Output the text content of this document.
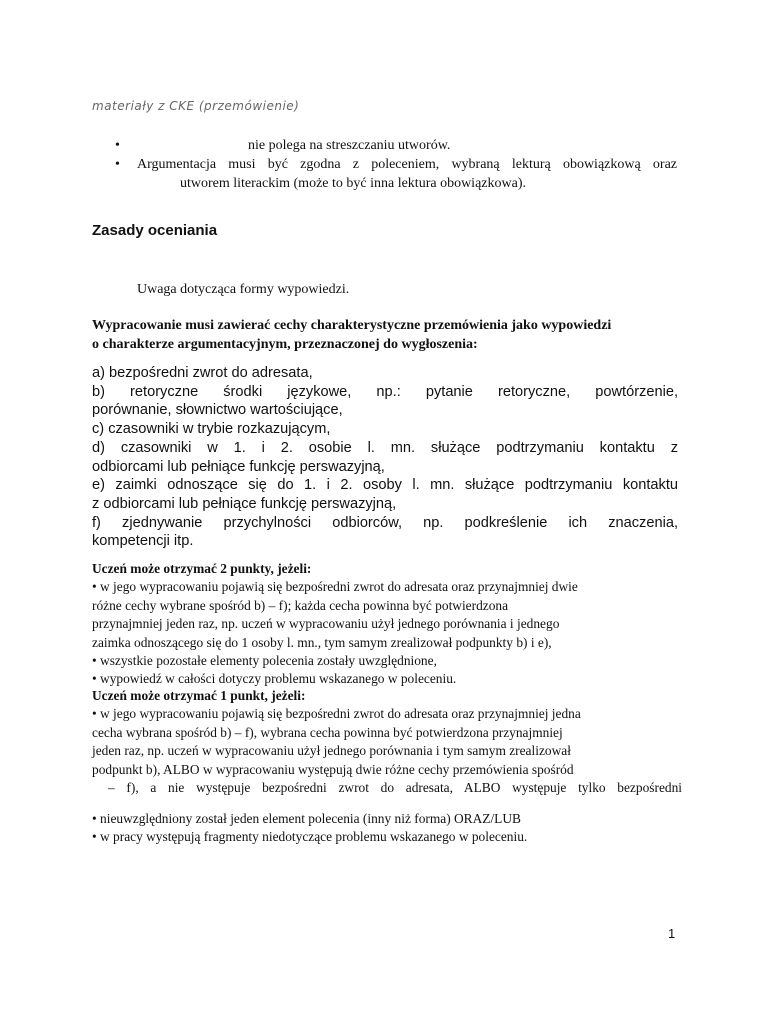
materiały z CKE (przemówienie)
•	nie polega na streszczaniu utworów.
• Argumentacja musi być zgodna z poleceniem, wybraną lekturą obowiązkową oraz
utworem literackim (może to być inna lektura obowiązkowa).
Zasady oceniania
Uwaga dotycząca formy wypowiedzi.
Wypracowanie musi zawierać cechy charakterystyczne przemówienia jako wypowiedzi
o charakterze argumentacyjnym, przeznaczonej do wygłoszenia:
a) bezpośredni zwrot do adresata,
b) retoryczne środki językowe, np.: pytanie retoryczne, powtórzenie,
porównanie, słownictwo wartościujące,
c) czasowniki w trybie rozkazującym,
d) czasowniki w 1. i 2. osobie l. mn. służące podtrzymaniu kontaktu z
odbiorcami lub pełniące funkcję perswazyjną,
e) zaimki odnoszące się do 1. i 2. osoby l. mn. służące podtrzymaniu kontaktu
z odbiorcami lub pełniące funkcję perswazyjną,
f) zjednywanie przychylności odbiorców, np. podkreślenie ich znaczenia,
kompetencji itp.
Uczeń może otrzymać 2 punkty, jeżeli:
• w jego wypracowaniu pojawią się bezpośredni zwrot do adresata oraz przynajmniej dwie
różne cechy wybrane spośród b) – f); każda cecha powinna być potwierdzona
przynajmniej jeden raz, np. uczeń w wypracowaniu użył jednego porównania i jednego
zaimka odnoszącego się do 1 osoby l. mn., tym samym zrealizował podpunkty b) i e),
• wszystkie pozostałe elementy polecenia zostały uwzględnione,
• wypowiedź w całości dotyczy problemu wskazanego w poleceniu.
Uczeń może otrzymać 1 punkt, jeżeli:
• w jego wypracowaniu pojawią się bezpośredni zwrot do adresata oraz przynajmniej jedna
cecha wybrana spośród b) – f), wybrana cecha powinna być potwierdzona przynajmniej
jeden raz, np. uczeń w wypracowaniu użył jednego porównania i tym samym zrealizował
podpunkt b), ALBO w wypracowaniu występują dwie różne cechy przemówienia spośród
– f), a nie występuje bezpośredni zwrot do adresata, ALBO występuje tylko bezpośredni
• nieuwzględniony został jeden element polecenia (inny niż forma) ORAZ/LUB
• w pracy występują fragmenty niedotyczące problemu wskazanego w poleceniu.
1
